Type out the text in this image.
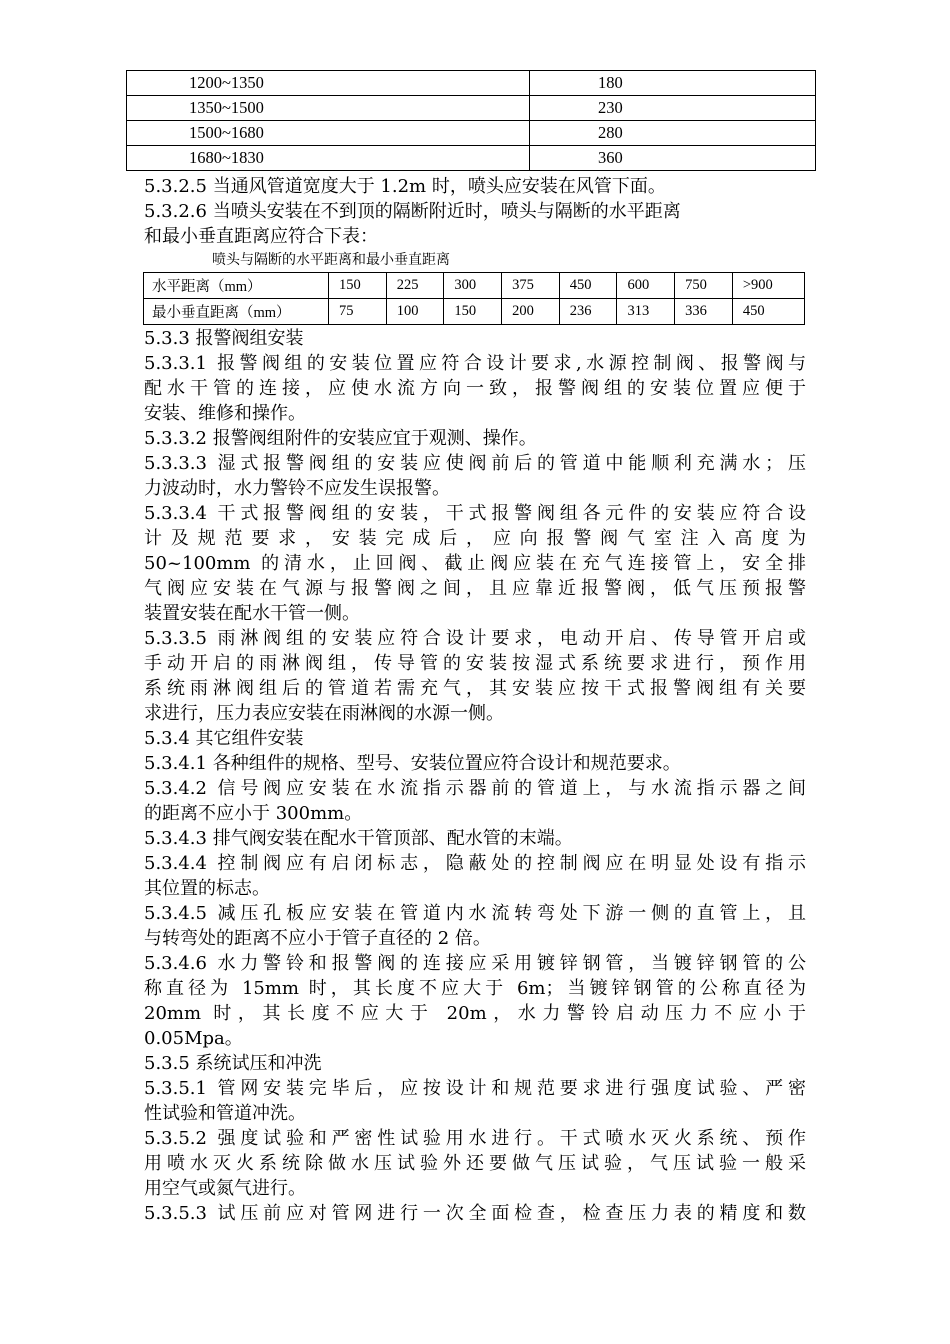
1200~1350	180
1350~1500	230
1500~1680	280
1680~1830	360
5.3.2.5 当通风管道宽度大于 1.2m 时，喷头应安装在风管下面。
5.3.2.6 当喷头安装在不到顶的隔断附近时，喷头与隔断的水平距离
和最小垂直距离应符合下表：
喷头与隔断的水平距离和最小垂直距离
水平距离（mm）	150	225	300	375	450	600	750	>900
最小垂直距离（mm）	75	100	150	200	236	313	336	450
5.3.3 报警阀组安装
5.3.3.1 报警阀组的安装位置应符合设计要求,水源控制阀、报警阀与
配水干管的连接，应使水流方向一致，报警阀组的安装位置应便于
安装、维修和操作。
5.3.3.2 报警阀组附件的安装应宜于观测、操作。
5.3.3.3 湿式报警阀组的安装应使阀前后的管道中能顺利充满水；压
力波动时，水力警铃不应发生误报警。
5.3.3.4 干式报警阀组的安装，干式报警阀组各元件的安装应符合设
计及规范要求，安装完成后，应向报警阀气室注入高度为
50~100mm 的清水，止回阀、截止阀应装在充气连接管上，安全排
气阀应安装在气源与报警阀之间，且应靠近报警阀，低气压预报警
装置安装在配水干管一侧。
5.3.3.5 雨淋阀组的安装应符合设计要求，电动开启、传导管开启或
手动开启的雨淋阀组，传导管的安装按湿式系统要求进行，预作用
系统雨淋阀组后的管道若需充气，其安装应按干式报警阀组有关要
求进行，压力表应安装在雨淋阀的水源一侧。
5.3.4 其它组件安装
5.3.4.1 各种组件的规格、型号、安装位置应符合设计和规范要求。
5.3.4.2 信号阀应安装在水流指示器前的管道上，与水流指示器之间
的距离不应小于 300mm。
5.3.4.3 排气阀安装在配水干管顶部、配水管的末端。
5.3.4.4 控制阀应有启闭标志，隐蔽处的控制阀应在明显处设有指示
其位置的标志。
5.3.4.5 减压孔板应安装在管道内水流转弯处下游一侧的直管上，且
与转弯处的距离不应小于管子直径的 2 倍。
5.3.4.6 水力警铃和报警阀的连接应采用镀锌钢管，当镀锌钢管的公
称直径为 15mm 时，其长度不应大于 6m；当镀锌钢管的公称直径为
20mm 时，其长度不应大于 20m，水力警铃启动压力不应小于
0.05Mpa。
5.3.5 系统试压和冲洗
5.3.5.1 管网安装完毕后，应按设计和规范要求进行强度试验、严密
性试验和管道冲洗。
5.3.5.2 强度试验和严密性试验用水进行。干式喷水灭火系统、预作
用喷水灭火系统除做水压试验外还要做气压试验，气压试验一般采
用空气或氮气进行。
5.3.5.3 试压前应对管网进行一次全面检查，检查压力表的精度和数
